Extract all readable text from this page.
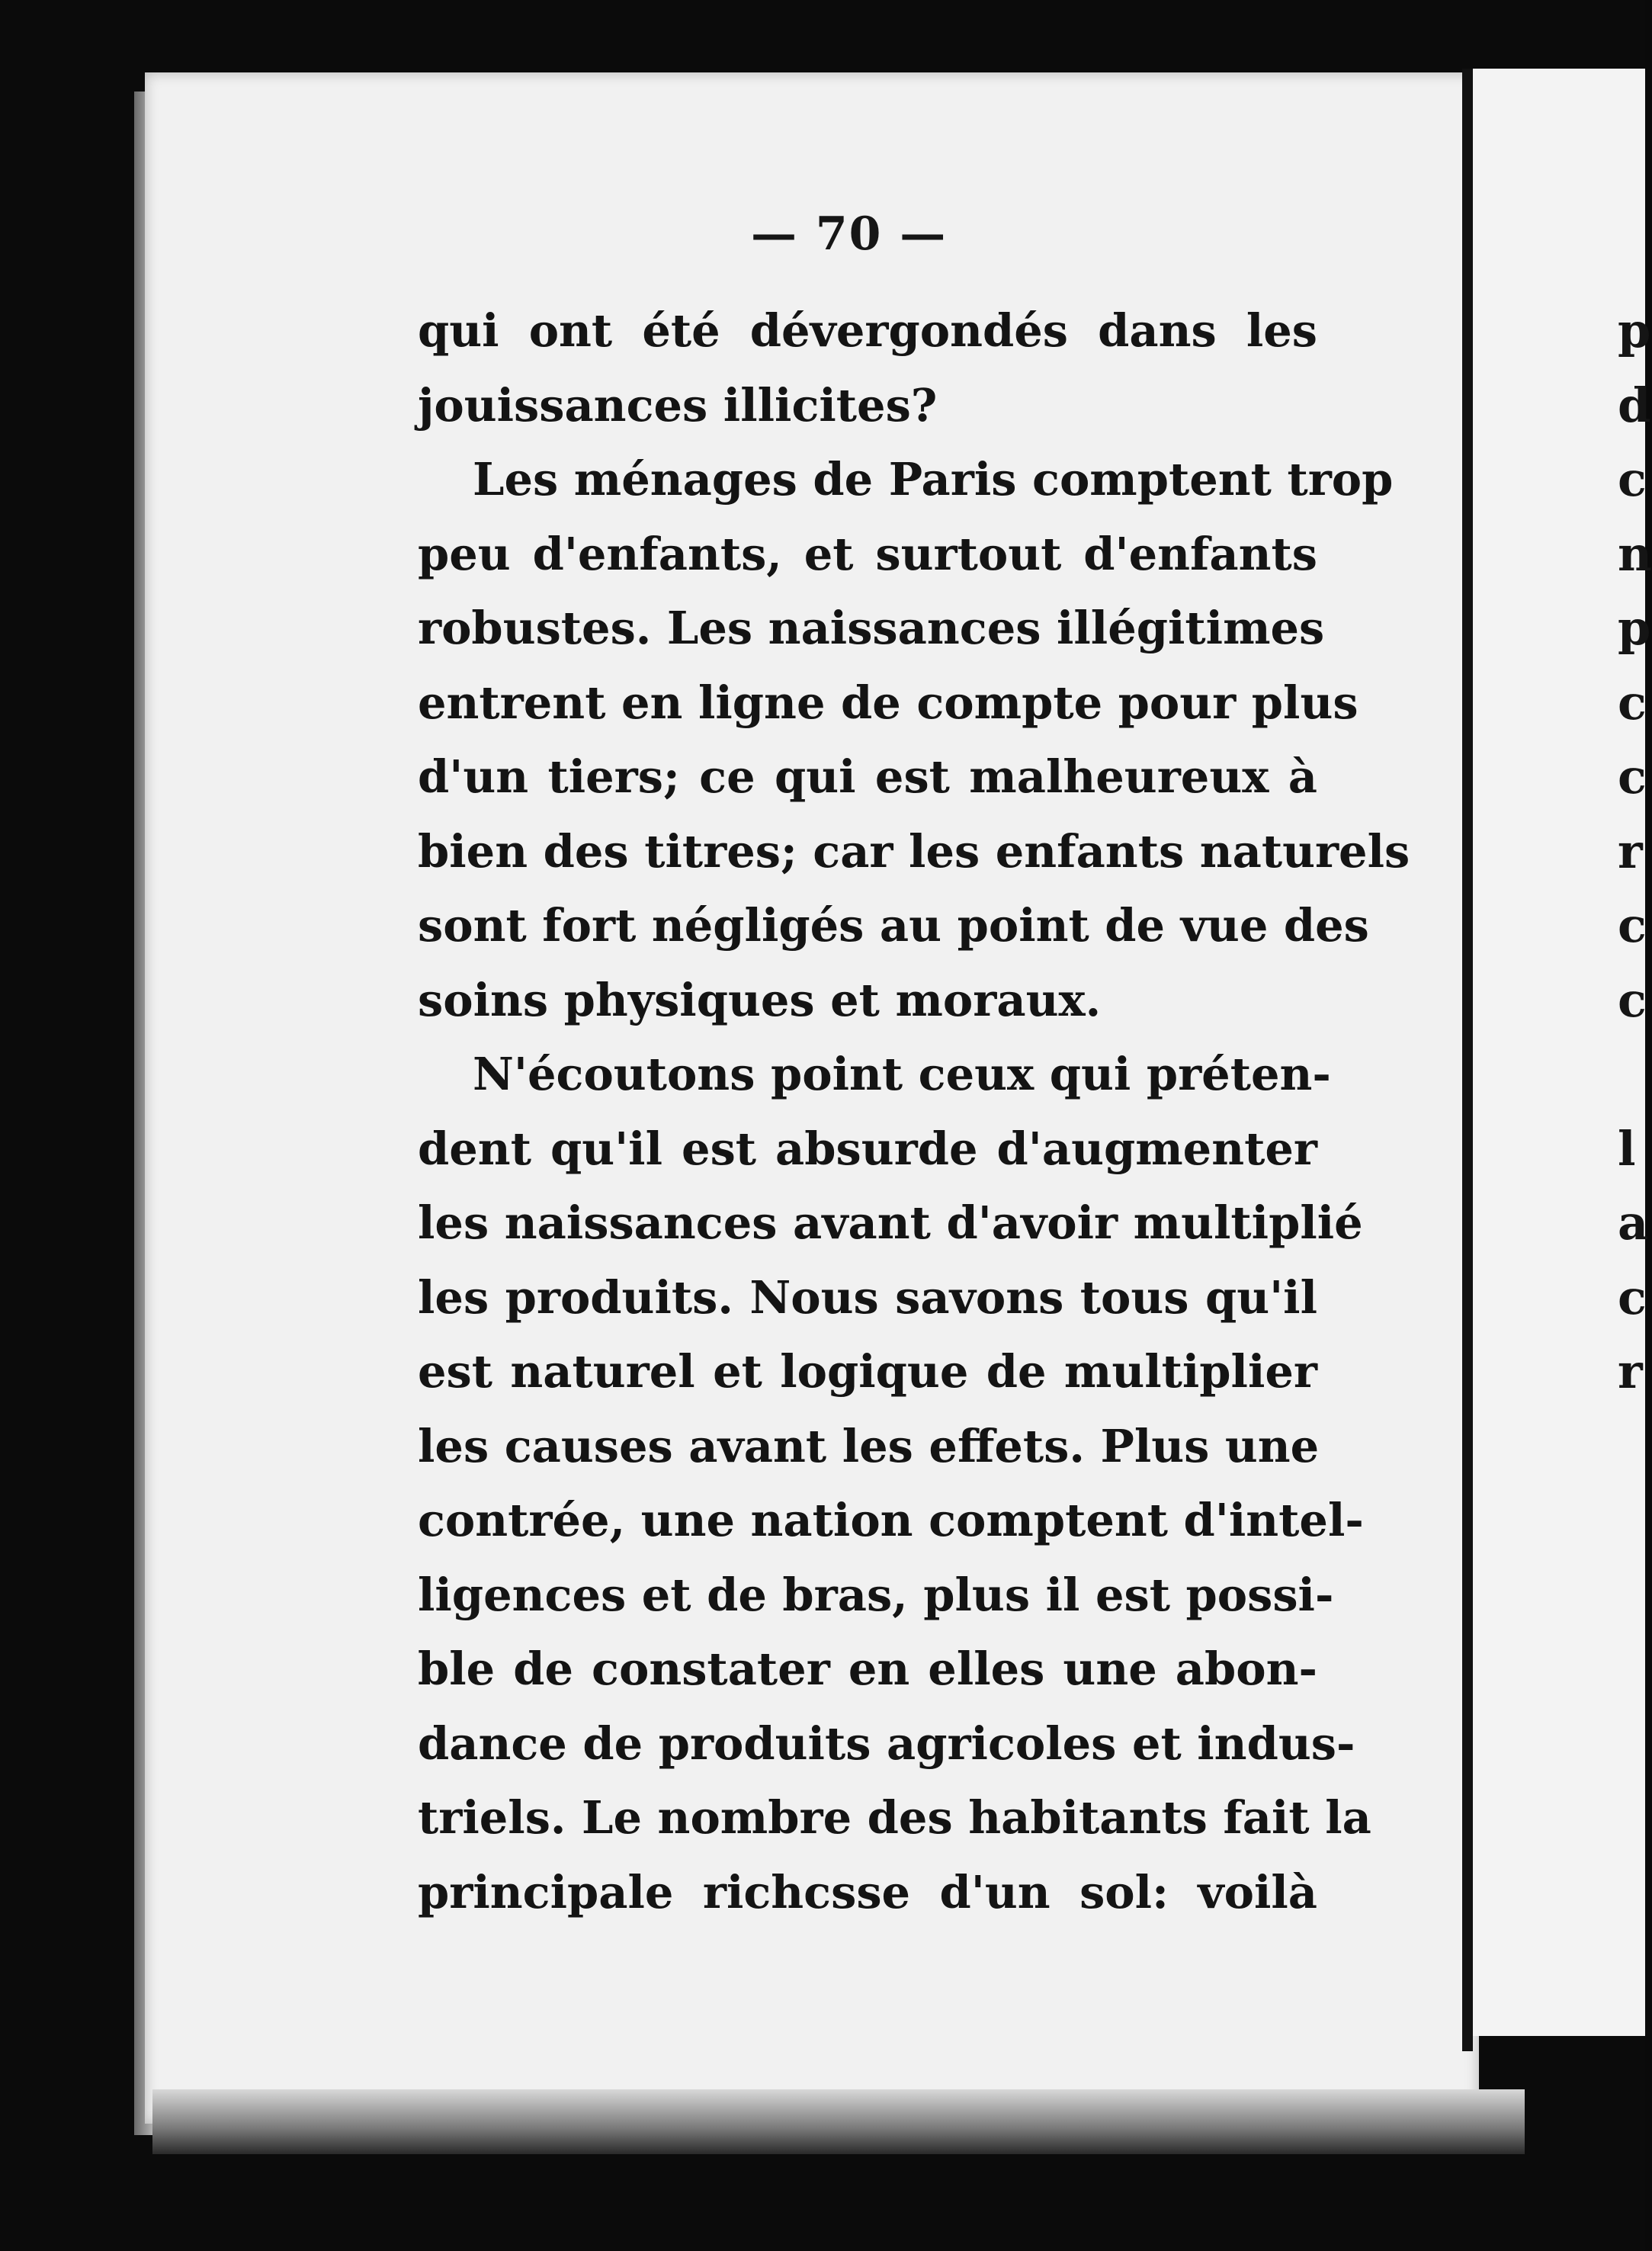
— 70 —
qui ont été dévergondés dans les
jouissances illicites?
Les ménages de Paris comptent trop
peu d'enfants, et surtout d'enfants
robustes. Les naissances illégitimes
entrent en ligne de compte pour plus
d'un tiers; ce qui est malheureux à
bien des titres; car les enfants naturels
sont fort négligés au point de vue des
soins physiques et moraux.
N'écoutons point ceux qui préten-
dent qu'il est absurde d'augmenter
les naissances avant d'avoir multiplié
les produits. Nous savons tous qu'il
est naturel et logique de multiplier
les causes avant les effets. Plus une
contrée, une nation comptent d'intel-
ligences et de bras, plus il est possi-
ble de constater en elles une abon-
dance de produits agricoles et indus-
triels. Le nombre des habitants fait la
principale richcsse d'un sol: voilà
p
d
c
n
p
c
c
r
c
c
l
a
c
r
